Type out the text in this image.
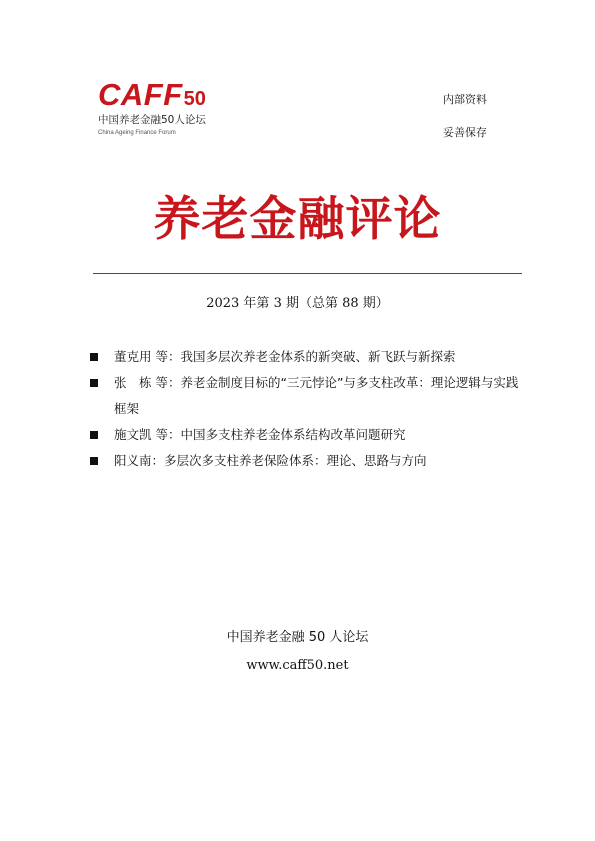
CAFF 50
中国养老金融50人论坛
China Ageing Finance Forum
内部资料
妥善保存
养老金融评论
2023 年第 3 期（总第 88 期）
董克用 等：我国多层次养老金体系的新突破、新飞跃与新探索
张　栋 等：养老金制度目标的“三元悖论”与多支柱改革：理论逻辑与实践框架
施文凯 等：中国多支柱养老金体系结构改革问题研究
阳义南：多层次多支柱养老保险体系：理论、思路与方向
中国养老金融 50 人论坛
www.caff50.net
